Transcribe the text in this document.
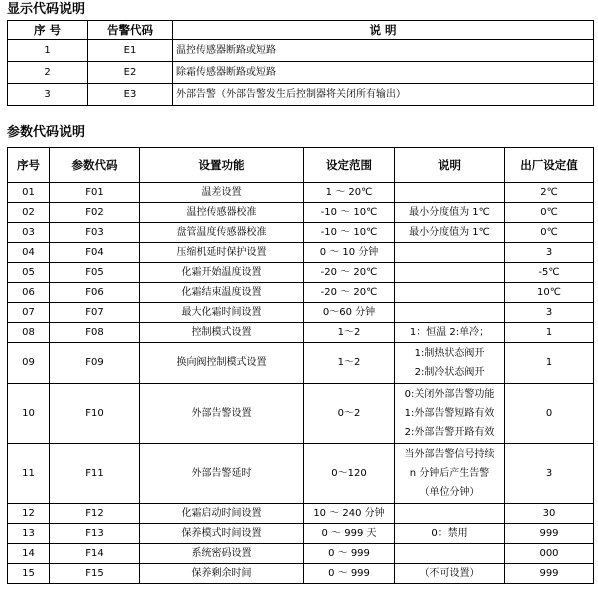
显示代码说明
序 号	告警代码	说 明
1	E1	温控传感器断路或短路
2	E2	除霜传感器断路或短路
3	E3	外部告警（外部告警发生后控制器将关闭所有输出）
参数代码说明
序号	参数代码	设置功能	设定范围	说明	出厂设定值
01	F01	温差设置	1 ～ 20℃		2℃
02	F02	温控传感器校准	-10 ～ 10℃	最小分度值为 1℃	0℃
03	F03	盘管温度传感器校准	-10 ～ 10℃	最小分度值为 1℃	0℃
04	F04	压缩机延时保护设置	0 ～ 10 分钟		3
05	F05	化霜开始温度设置	-20 ～ 20℃		-5℃
06	F06	化霜结束温度设置	-20 ～ 20℃		10℃
07	F07	最大化霜时间设置	0～60 分钟		3
08	F08	控制模式设置	1～2	1：恒温 2:单冷；	1
09	F09	换向阀控制模式设置	1～2	1:制热状态阀开
2:制冷状态阀开	1
10	F10	外部告警设置	0～2	0:关闭外部告警功能
1:外部告警短路有效
2:外部告警开路有效	0
11	F11	外部告警延时	0～120	当外部告警信号持续
n 分钟后产生告警
（单位分钟）	3
12	F12	化霜启动时间设置	10 ～ 240 分钟		30
13	F13	保养模式时间设置	0 ～ 999 天	0：禁用	999
14	F14	系统密码设置	0 ～ 999		000
15	F15	保养剩余时间	0 ～ 999	（不可设置）	999
